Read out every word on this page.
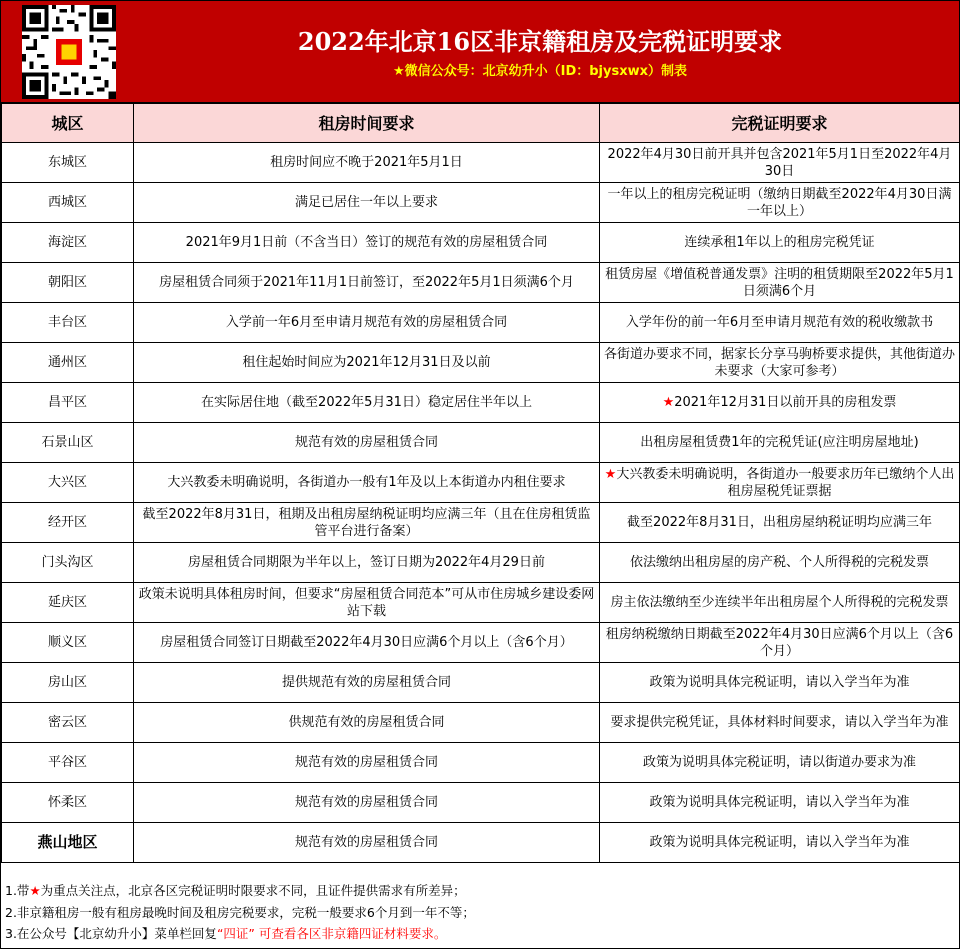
2022年北京16区非京籍租房及完税证明要求
★微信公众号：北京幼升小（ID：bjysxwx）制表
城区	租房时间要求	完税证明要求
东城区	租房时间应不晚于2021年5月1日	2022年4月30日前开具并包含2021年5月1日至2022年4月30日
西城区	满足已居住一年以上要求	一年以上的租房完税证明（缴纳日期截至2022年4月30日满一年以上）
海淀区	2021年9月1日前（不含当日）签订的规范有效的房屋租赁合同	连续承租1年以上的租房完税凭证
朝阳区	房屋租赁合同须于2021年11月1日前签订，至2022年5月1日须满6个月	租赁房屋《增值税普通发票》注明的租赁期限至2022年5月1日须满6个月
丰台区	入学前一年6月至申请月规范有效的房屋租赁合同	入学年份的前一年6月至申请月规范有效的税收缴款书
通州区	租住起始时间应为2021年12月31日及以前	各街道办要求不同，据家长分享马驹桥要求提供，其他街道办未要求（大家可参考）
昌平区	在实际居住地（截至2022年5月31日）稳定居住半年以上	★2021年12月31日以前开具的房租发票
石景山区	规范有效的房屋租赁合同	出租房屋租赁费1年的完税凭证(应注明房屋地址)
大兴区	大兴教委未明确说明，各街道办一般有1年及以上本街道办内租住要求	★大兴教委未明确说明，各街道办一般要求历年已缴纳个人出租房屋税凭证票据
经开区	截至2022年8月31日，租期及出租房屋纳税证明均应满三年（且在住房租赁监管平台进行备案）	截至2022年8月31日，出租房屋纳税证明均应满三年
门头沟区	房屋租赁合同期限为半年以上，签订日期为2022年4月29日前	依法缴纳出租房屋的房产税、个人所得税的完税发票
延庆区	政策未说明具体租房时间，但要求“房屋租赁合同范本”可从市住房城乡建设委网站下载	房主依法缴纳至少连续半年出租房屋个人所得税的完税发票
顺义区	房屋租赁合同签订日期截至2022年4月30日应满6个月以上（含6个月）	租房纳税缴纳日期截至2022年4月30日应满6个月以上（含6个月）
房山区	提供规范有效的房屋租赁合同	政策为说明具体完税证明，请以入学当年为准
密云区	供规范有效的房屋租赁合同	要求提供完税凭证，具体材料时间要求，请以入学当年为准
平谷区	规范有效的房屋租赁合同	政策为说明具体完税证明，请以街道办要求为准
怀柔区	规范有效的房屋租赁合同	政策为说明具体完税证明，请以入学当年为准
燕山地区	规范有效的房屋租赁合同	政策为说明具体完税证明，请以入学当年为准
1.带★为重点关注点，北京各区完税证明时限要求不同，且证件提供需求有所差异；
2.非京籍租房一般有租房最晚时间及租房完税要求，完税一般要求6个月到一年不等；
3.在公众号【北京幼升小】菜单栏回复“四证” 可查看各区非京籍四证材料要求。
